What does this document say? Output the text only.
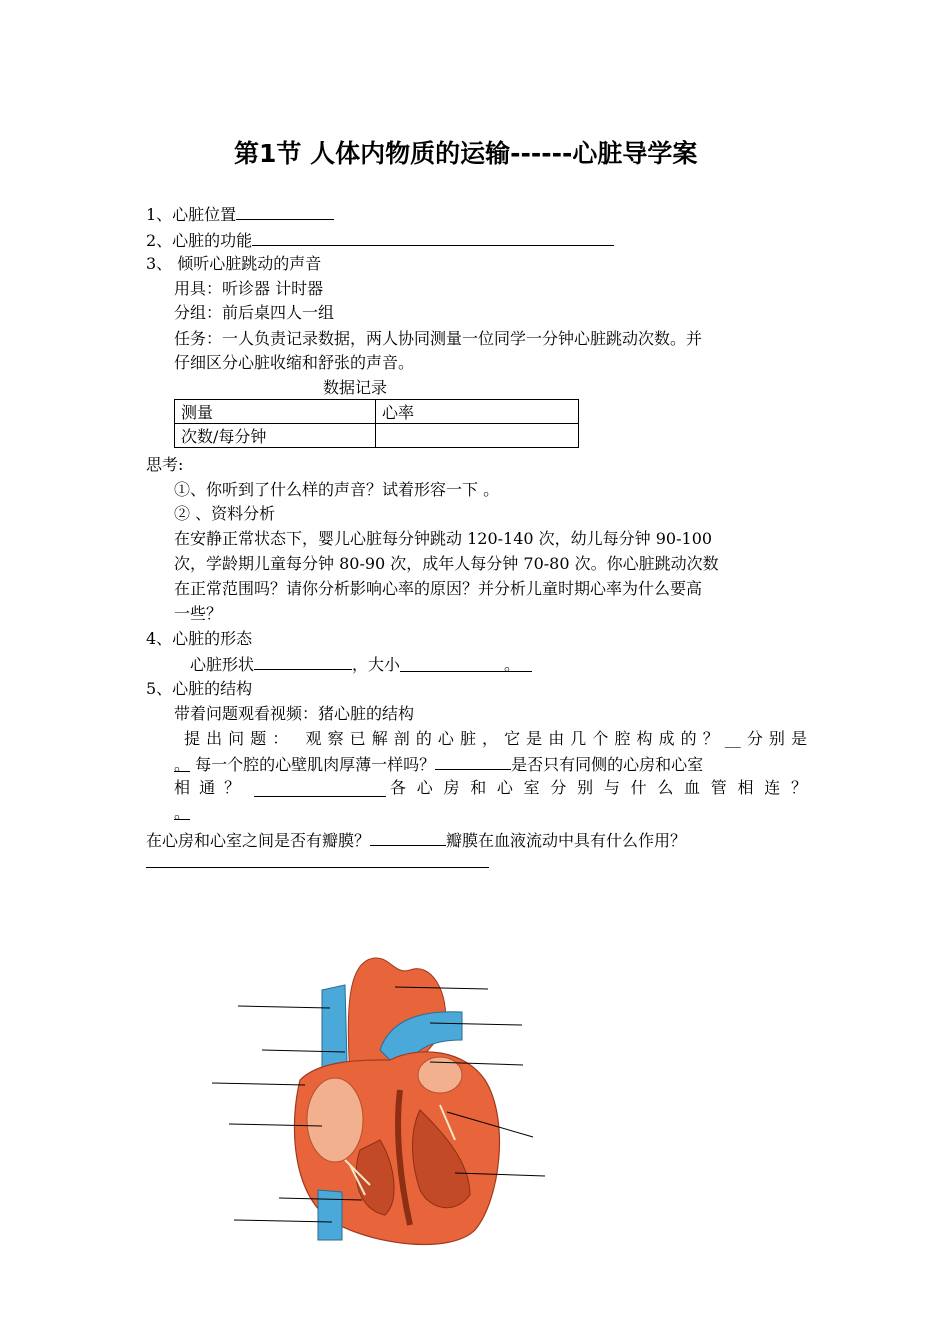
第1节 人体内物质的运输------心脏导学案
1、心脏位置
2、心脏的功能
3、 倾听心脏跳动的声音
用具：听诊器 计时器
分组：前后桌四人一组
任务：一人负责记录数据，两人协同测量一位同学一分钟心脏跳动次数。并
仔细区分心脏收缩和舒张的声音。
数据记录
测量	心率
次数/每分钟	
思考:
①、你听到了什么样的声音？试着形容一下 。
② 、资料分析
在安静正常状态下，婴儿心脏每分钟跳动 120-140 次，幼儿每分钟 90-100
次，学龄期儿童每分钟 80-90 次，成年人每分钟 70-80 次。你心脏跳动次数
在正常范围吗？请你分析影响心率的原因？并分析儿童时期心率为什么要高
一些？
4、心脏的形态
心脏形状	，大小	。
5、心脏的结构
带着问题观看视频：猪心脏的结构
提出问题： 观察已解剖的心脏，它是由几个腔构成的？__分别是
。 每一个腔的心壁肌肉厚薄一样吗？	是否只有同侧的心房和心室
相 通 ？	各 心 房 和 心 室 分 别 与 什 么 血 管 相 连 ？
。
在心房和心室之间是否有瓣膜？	瓣膜在血液流动中具有什么作用？
